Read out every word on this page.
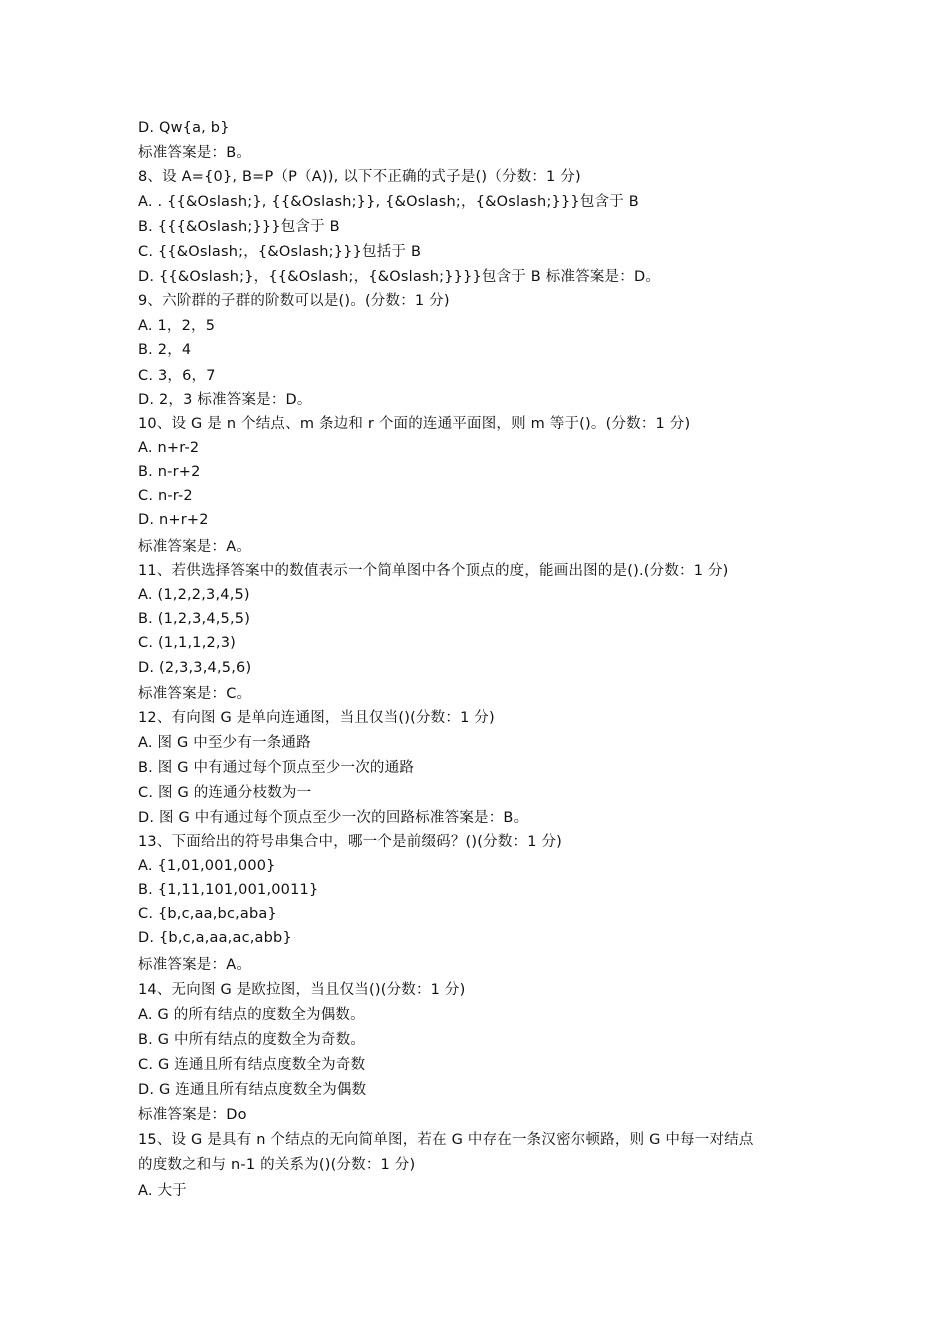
D. Qw{a, b}
标准答案是：B。
8、设 A={0}, B=P（P（A)), 以下不正确的式子是()（分数：1 分)
A. . {{&Oslash;}, {{&Oslash;}}, {&Oslash;，{&Oslash;}}}包含于 B
B. {{{&Oslash;}}}包含于 B
C. {{&Oslash;，{&Oslash;}}}包括于 B
D. {{&Oslash;}，{{&Oslash;，{&Oslash;}}}}包含于 B 标准答案是：D。
9、六阶群的子群的阶数可以是()。(分数：1 分)
A. 1，2，5
B. 2，4
C. 3，6，7
D. 2，3 标准答案是：D。
10、设 G 是 n 个结点、m 条边和 r 个面的连通平面图，则 m 等于()。(分数：1 分)
A. n+r-2
B. n-r+2
C. n-r-2
D. n+r+2
标准答案是：A。
11、若供选择答案中的数值表示一个简单图中各个顶点的度，能画出图的是().(分数：1 分)
A. (1,2,2,3,4,5)
B. (1,2,3,4,5,5)
C. (1,1,1,2,3)
D. (2,3,3,4,5,6)
标准答案是：C。
12、有向图 G 是单向连通图，当且仅当()(分数：1 分)
A. 图 G 中至少有一条通路
B. 图 G 中有通过每个顶点至少一次的通路
C. 图 G 的连通分枝数为一
D. 图 G 中有通过每个顶点至少一次的回路标准答案是：B。
13、下面给出的符号串集合中，哪一个是前缀码？()(分数：1 分)
A. {1,01,001,000}
B. {1,11,101,001,0011}
C. {b,c,aa,bc,aba}
D. {b,c,a,aa,ac,abb}
标准答案是：A。
14、无向图 G 是欧拉图，当且仅当()(分数：1 分)
A. G 的所有结点的度数全为偶数。
B. G 中所有结点的度数全为奇数。
C. G 连通且所有结点度数全为奇数
D. G 连通且所有结点度数全为偶数
标准答案是：Do
15、设 G 是具有 n 个结点的无向简单图，若在 G 中存在一条汉密尔顿路，则 G 中每一对结点
的度数之和与 n-1 的关系为()(分数：1 分)
A. 大于
